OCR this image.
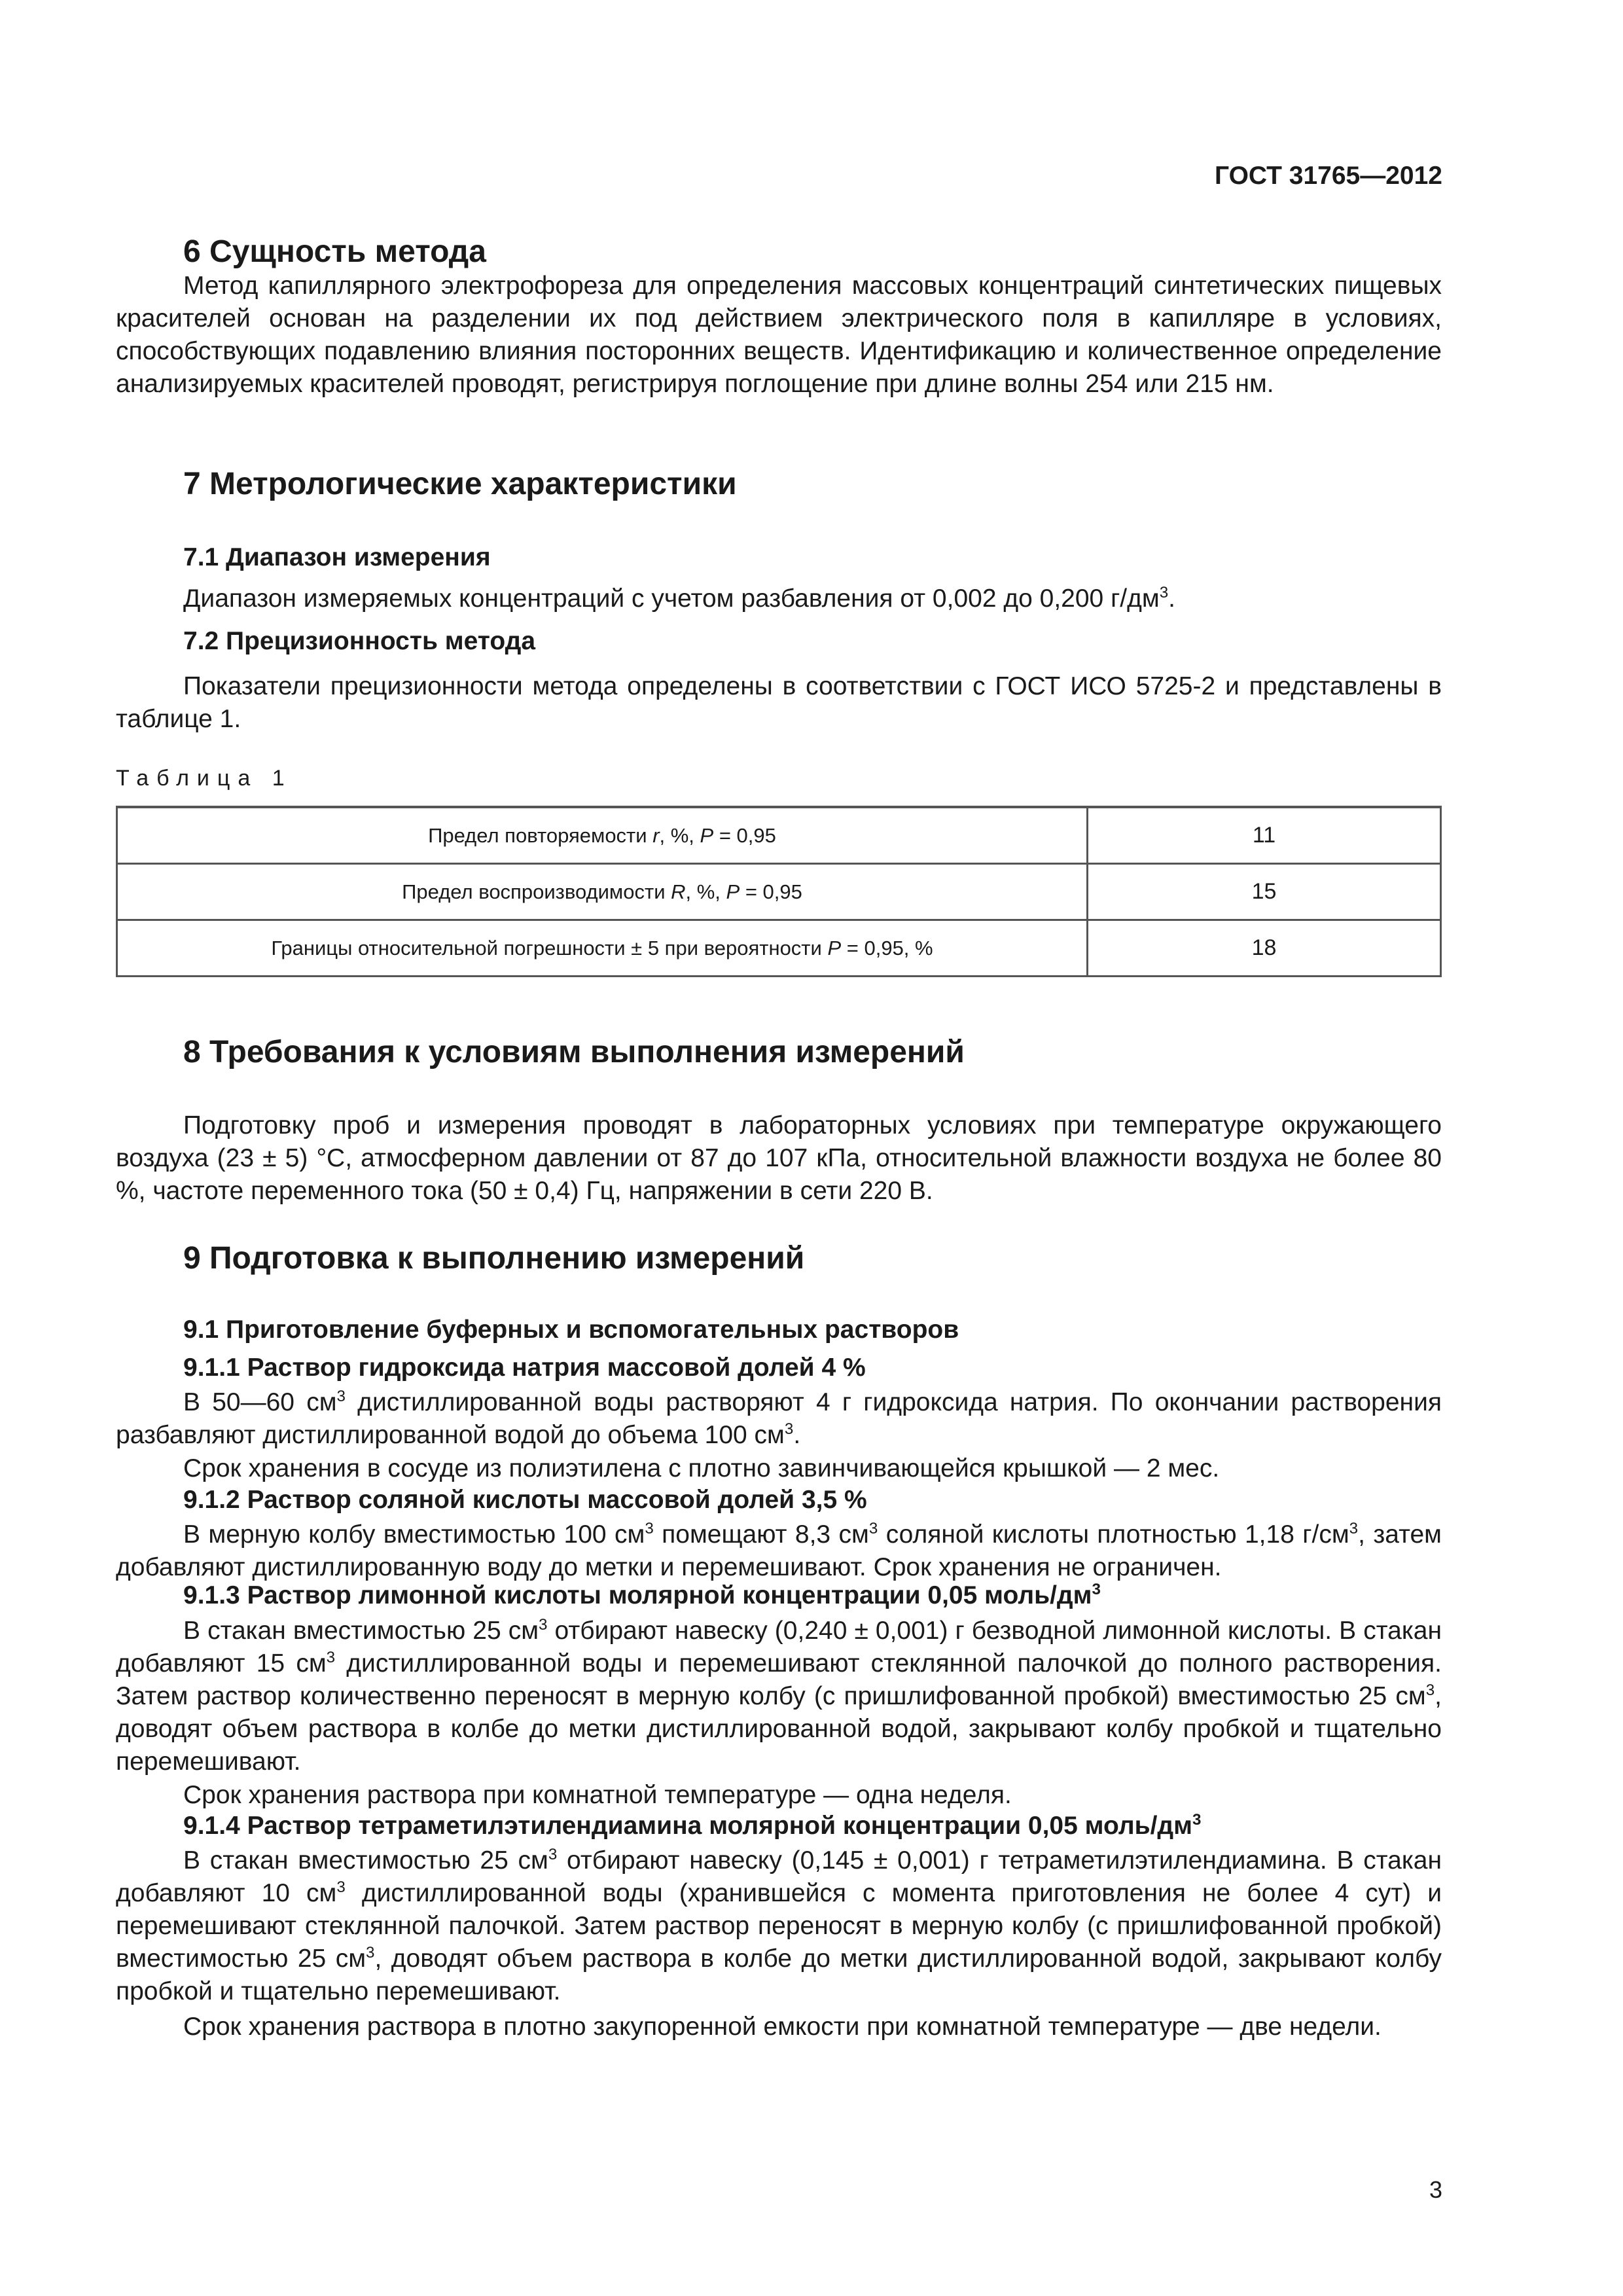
ГОСТ 31765—2012
6 Сущность метода

Метод капиллярного электрофореза для определения массовых концентраций синтетических пищевых красителей основан на разделении их под действием электрического поля в капилляре в условиях, способствующих подавлению влияния посторонних веществ. Идентификацию и количественное определение анализируемых красителей проводят, регистрируя поглощение при длине волны 254 или 215 нм.

7 Метрологические характеристики
7.1 Диапазон измерения

Диапазон измеряемых концентраций с учетом разбавления от 0,002 до 0,200 $г/дм^3$.

7.2 Прецизионность метода

Показатели прецизионности метода определены в соответствии с ГОСТ ИСО 5725-2 и представлены в таблице 1.

Таблица 1
Предел повторяемости r, %, P = 0,95	11
Предел воспроизводимости R, %, P = 0,95	15
Границы относительной погрешности ± 5 при вероятности P = 0,95, %	18
8 Требования к условиям выполнения измерений

Подготовку проб и измерения проводят в лабораторных условиях при температуре окружающего воздуха (23 ± 5) °С, атмосферном давлении от 87 до 107 кПа, относительной влажности воздуха не более 80 %, частоте переменного тока (50 ± 0,4) Гц, напряжении в сети 220 В.

9 Подготовка к выполнению измерений
9.1 Приготовление буферных и вспомогательных растворов
9.1.1 Раствор гидроксида натрия массовой долей 4 %

В 50—60 $см^3$ дистиллированной воды растворяют 4 г гидроксида натрия. По окончании растворения разбавляют дистиллированной водой до объема 100 $см^3$.

Срок хранения в сосуде из полиэтилена с плотно завинчивающейся крышкой — 2 мес.

9.1.2 Раствор соляной кислоты массовой долей 3,5 %

В мерную колбу вместимостью 100 $см^3$ помещают 8,3 $см^3$ соляной кислоты плотностью 1,18 $г/см^3$, затем добавляют дистиллированную воду до метки и перемешивают. Срок хранения не ограничен.

9.1.3 Раствор лимонной кислоты молярной концентрации 0,05 моль/$дм^3$

В стакан вместимостью 25 $см^3$ отбирают навеску (0,240 ± 0,001) г безводной лимонной кислоты. В стакан добавляют 15 $см^3$ дистиллированной воды и перемешивают стеклянной палочкой до полного растворения. Затем раствор количественно переносят в мерную колбу (с пришлифованной пробкой) вместимостью 25 $см^3$, доводят объем раствора в колбе до метки дистиллированной водой, закрывают колбу пробкой и тщательно перемешивают.

Срок хранения раствора при комнатной температуре — одна неделя.

9.1.4 Раствор тетраметилэтилендиамина молярной концентрации 0,05 моль/$дм^3$

В стакан вместимостью 25 $см^3$ отбирают навеску (0,145 ± 0,001) г тетраметилэтилендиамина. В стакан добавляют 10 $см^3$ дистиллированной воды (хранившейся с момента приготовления не более 4 сут) и перемешивают стеклянной палочкой. Затем раствор переносят в мерную колбу (с пришлифованной пробкой) вместимостью 25 $см^3$, доводят объем раствора в колбе до метки дистиллированной водой, закрывают колбу пробкой и тщательно перемешивают.

Срок хранения раствора в плотно закупоренной емкости при комнатной температуре — две недели.

3
